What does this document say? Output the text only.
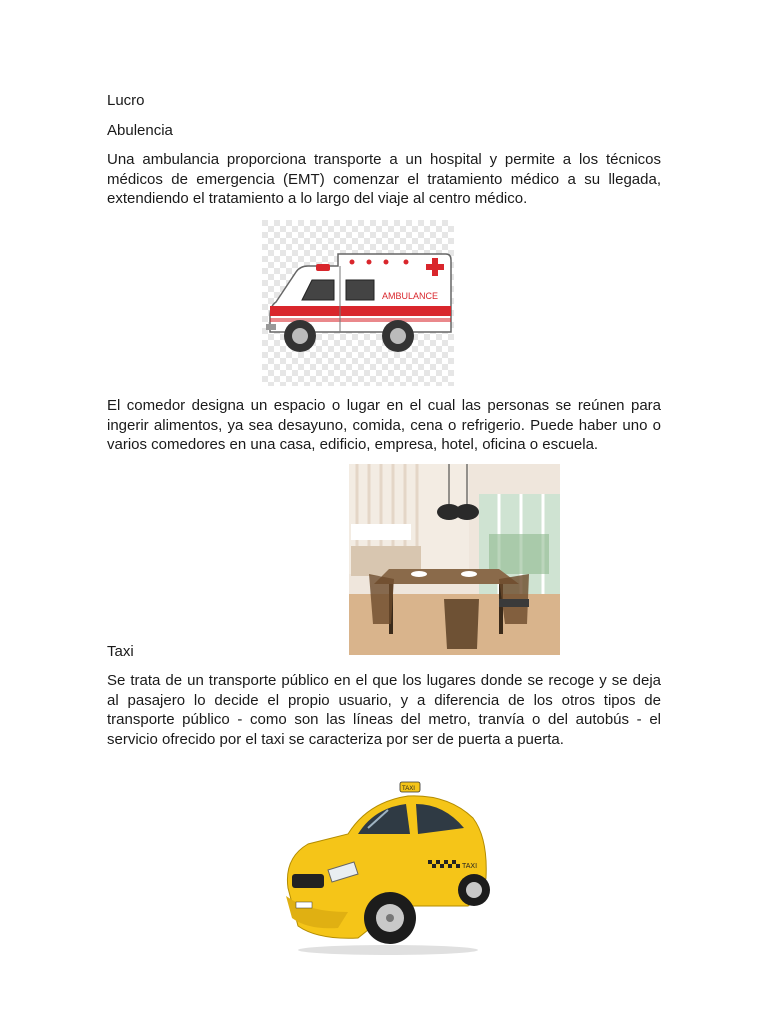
Lucro

Abulencia

Una ambulancia proporciona transporte a un hospital y permite a los técnicos médicos de emergencia (EMT) comenzar el tratamiento médico a su llegada, extendiendo el tratamiento a lo largo del viaje al centro médico.

AMBULANCE

El comedor designa un espacio o lugar en el cual las personas se reúnen para ingerir alimentos, ya sea desayuno, comida, cena o refrigerio. Puede haber uno o varios comedores en una casa, edificio, empresa, hotel, oficina o escuela.

Taxi

Se trata de un transporte público en el que los lugares donde se recoge y se deja al pasajero lo decide el propio usuario, y a diferencia de los otros tipos de transporte público - como son las líneas del metro, tranvía o del autobús - el servicio ofrecido por el taxi se caracteriza por ser de puerta a puerta.

TAXI
TAXI
